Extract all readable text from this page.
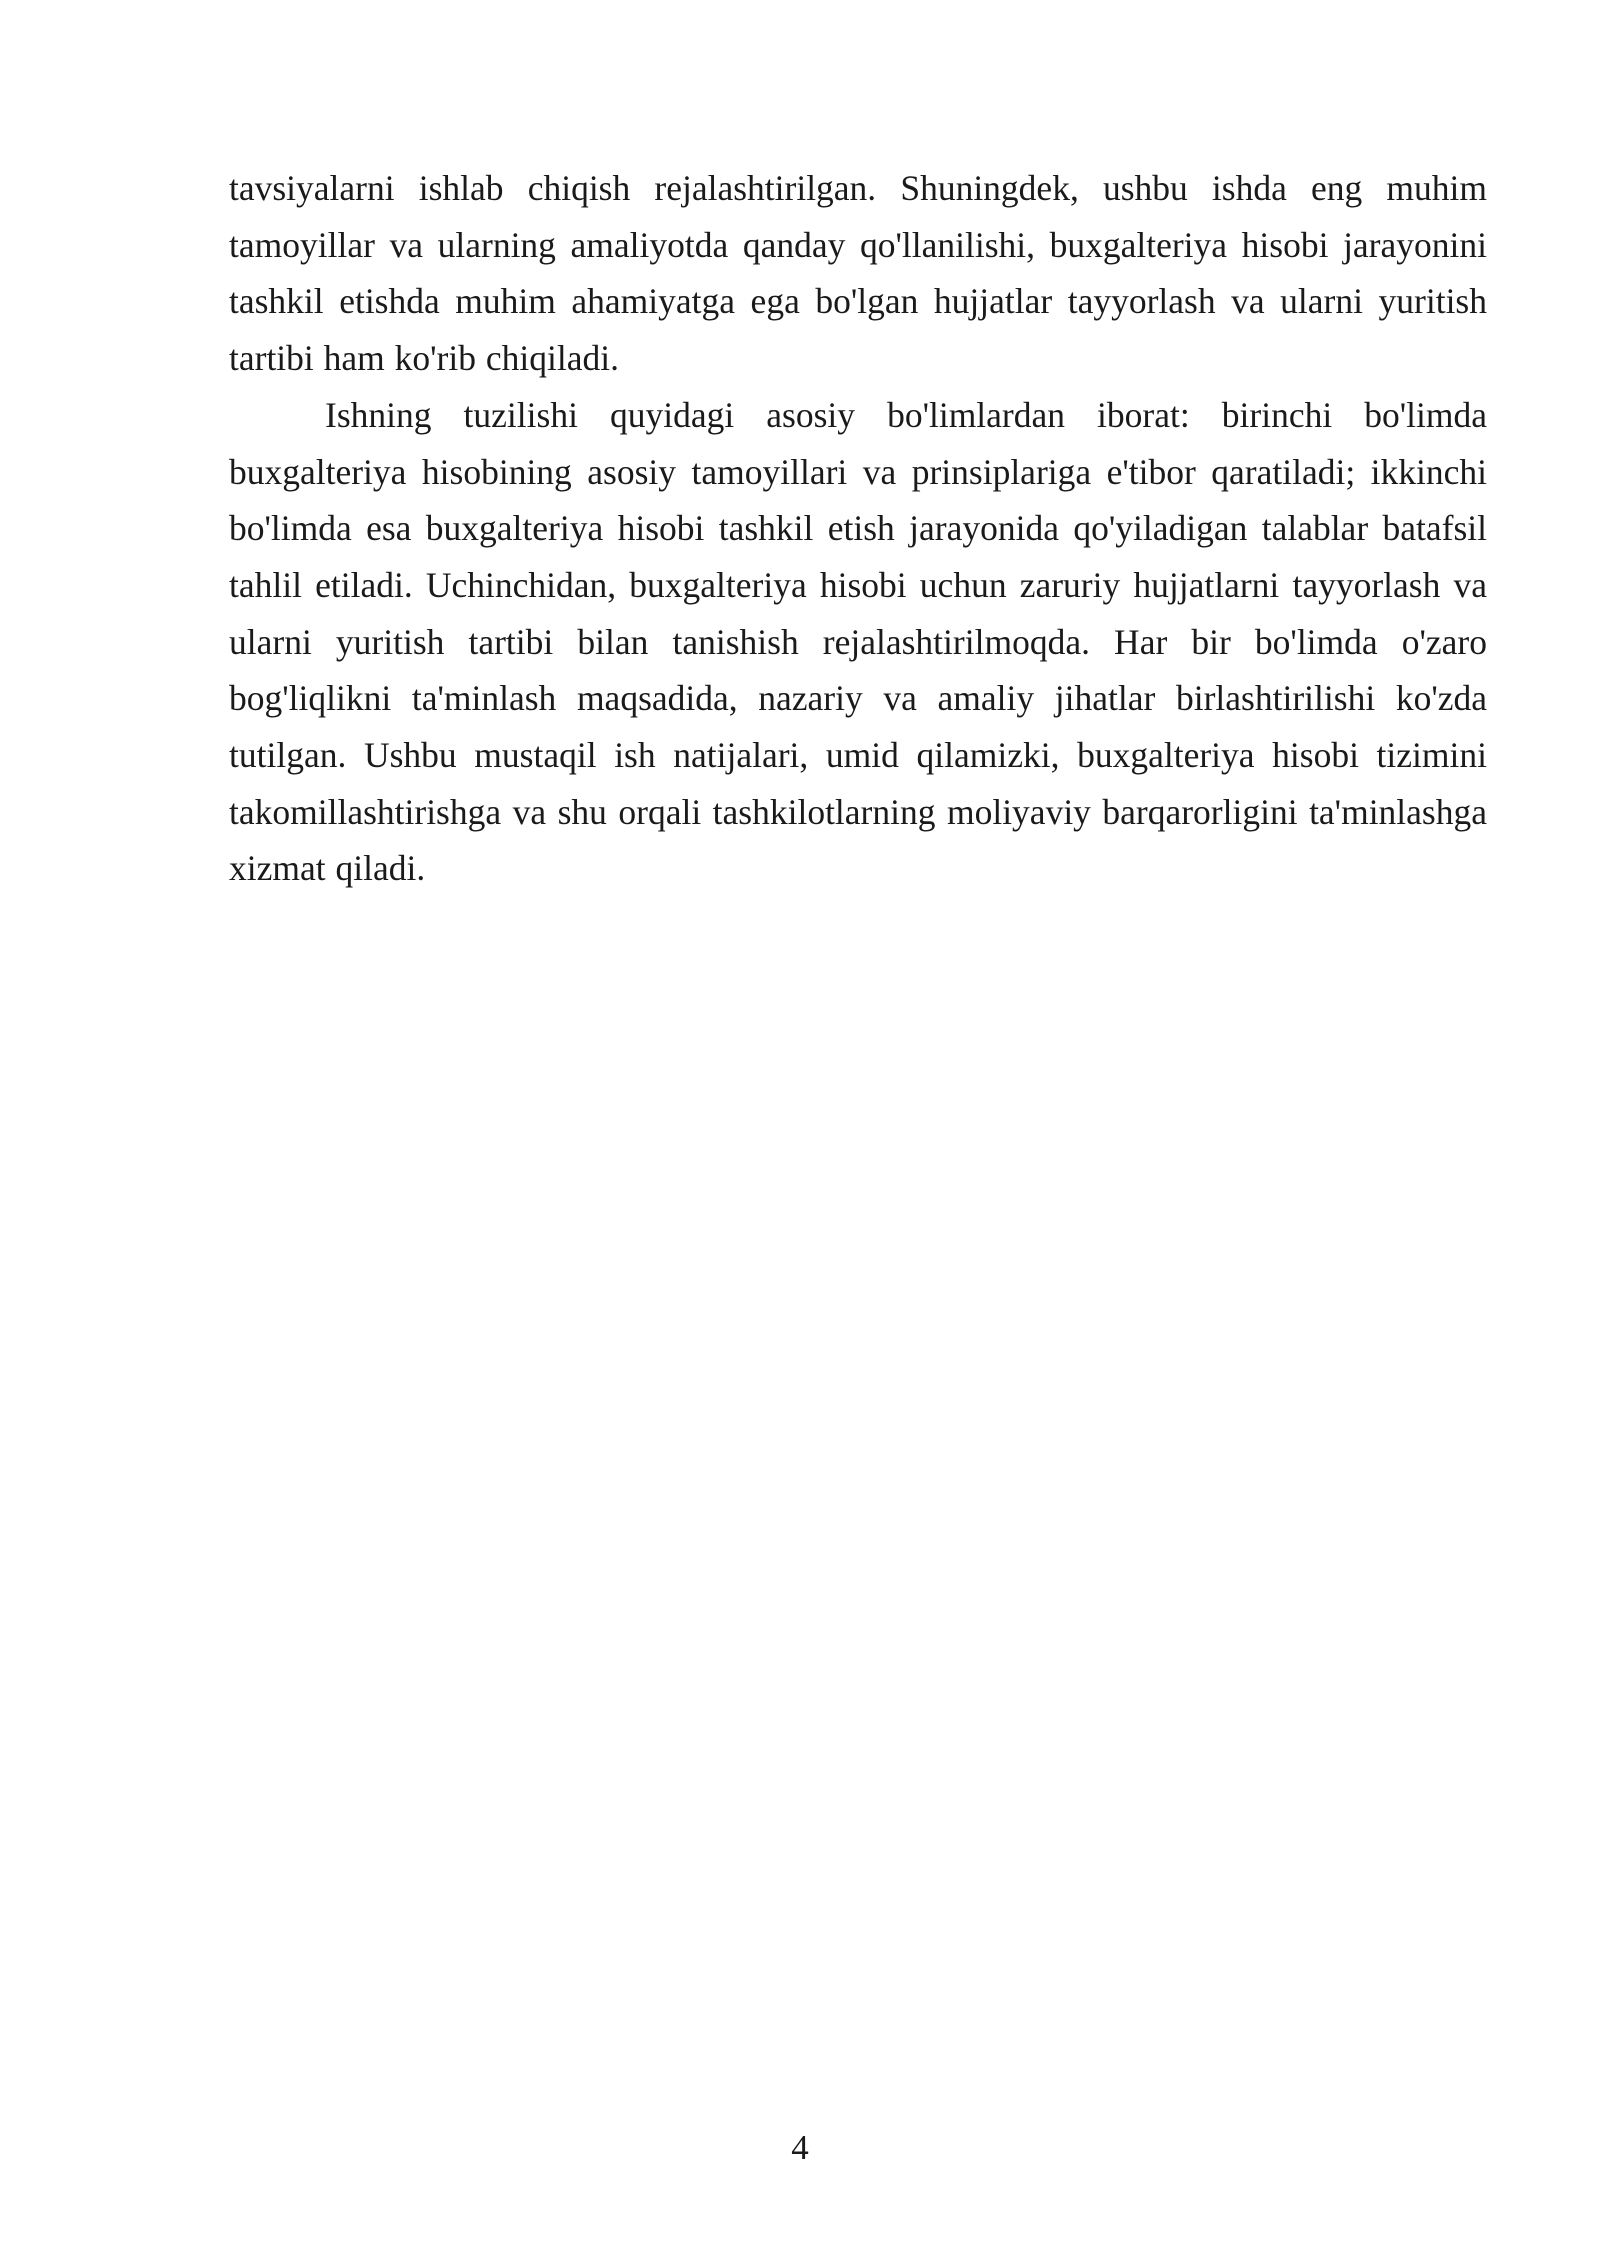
tavsiyalarni ishlab chiqish rejalashtirilgan. Shuningdek, ushbu ishda eng muhim tamoyillar va ularning amaliyotda qanday qo'llanilishi, buxgalteriya hisobi jarayonini tashkil etishda muhim ahamiyatga ega bo'lgan hujjatlar tayyorlash va ularni yuritish tartibi ham ko'rib chiqiladi.

Ishning tuzilishi quyidagi asosiy bo'limlardan iborat: birinchi bo'limda buxgalteriya hisobining asosiy tamoyillari va prinsiplariga e'tibor qaratiladi; ikkinchi bo'limda esa buxgalteriya hisobi tashkil etish jarayonida qo'yiladigan talablar batafsil tahlil etiladi. Uchinchidan, buxgalteriya hisobi uchun zaruriy hujjatlarni tayyorlash va ularni yuritish tartibi bilan tanishish rejalashtirilmoqda. Har bir bo'limda o'zaro bog'liqlikni ta'minlash maqsadida, nazariy va amaliy jihatlar birlashtirilishi ko'zda tutilgan. Ushbu mustaqil ish natijalari, umid qilamizki, buxgalteriya hisobi tizimini takomillashtirishga va shu orqali tashkilotlarning moliyaviy barqarorligini ta'minlashga xizmat qiladi.

4
